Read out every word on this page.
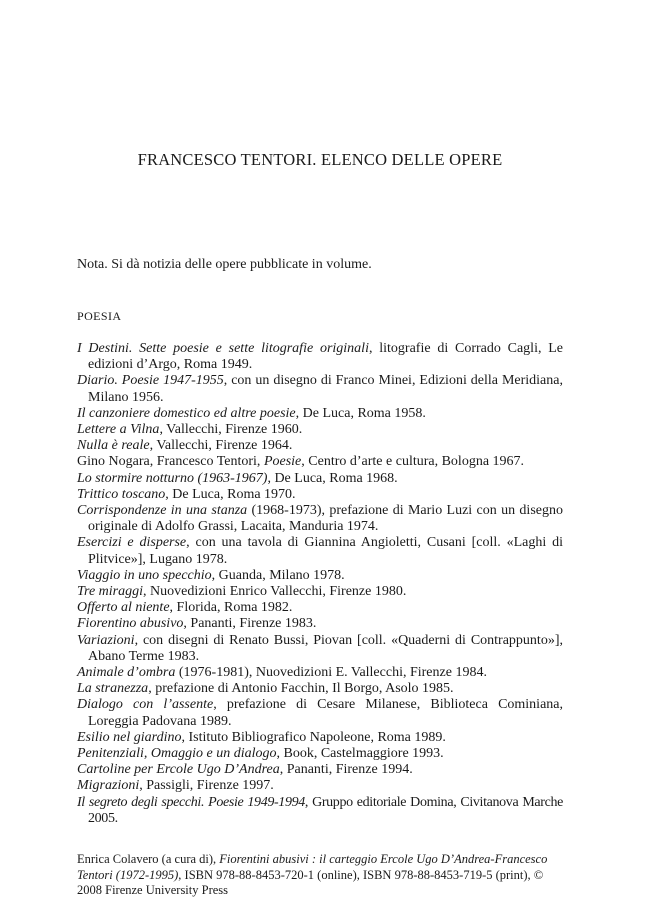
FRANCESCO TENTORI. ELENCO DELLE OPERE
Nota. Si dà notizia delle opere pubblicate in volume.
POESIA
I Destini. Sette poesie e sette litografie originali, litografie di Corrado Cagli, Le edizioni d’Argo, Roma 1949.
Diario. Poesie 1947-1955, con un disegno di Franco Minei, Edizioni della Meridiana, Milano 1956.
Il canzoniere domestico ed altre poesie, De Luca, Roma 1958.
Lettere a Vilna, Vallecchi, Firenze 1960.
Nulla è reale, Vallecchi, Firenze 1964.
Gino Nogara, Francesco Tentori, Poesie, Centro d’arte e cultura, Bologna 1967.
Lo stormire notturno (1963-1967), De Luca, Roma 1968.
Trittico toscano, De Luca, Roma 1970.
Corrispondenze in una stanza (1968-1973), prefazione di Mario Luzi con un disegno originale di Adolfo Grassi, Lacaita, Manduria 1974.
Esercizi e disperse, con una tavola di Giannina Angioletti, Cusani [coll. «Laghi di Plitvice»], Lugano 1978.
Viaggio in uno specchio, Guanda, Milano 1978.
Tre miraggi, Nuovedizioni Enrico Vallecchi, Firenze 1980.
Offerto al niente, Florida, Roma 1982.
Fiorentino abusivo, Pananti, Firenze 1983.
Variazioni, con disegni di Renato Bussi, Piovan [coll. «Quaderni di Contrappunto»], Abano Terme 1983.
Animale d’ombra (1976-1981), Nuovedizioni E. Vallecchi, Firenze 1984.
La stranezza, prefazione di Antonio Facchin, Il Borgo, Asolo 1985.
Dialogo con l’assente, prefazione di Cesare Milanese, Biblioteca Cominiana, Loreggia Padovana 1989.
Esilio nel giardino, Istituto Bibliografico Napoleone, Roma 1989.
Penitenziali, Omaggio e un dialogo, Book, Castelmaggiore 1993.
Cartoline per Ercole Ugo D’Andrea, Pananti, Firenze 1994.
Migrazioni, Passigli, Firenze 1997.
Il segreto degli specchi. Poesie 1949-1994, Gruppo editoriale Domina, Civitanova Marche 2005.
Enrica Colavero (a cura di), Fiorentini abusivi : il carteggio Ercole Ugo D’Andrea-Francesco Tentori (1972-1995), ISBN 978-88-8453-720-1 (online), ISBN 978-88-8453-719-5 (print), © 2008 Firenze University Press
